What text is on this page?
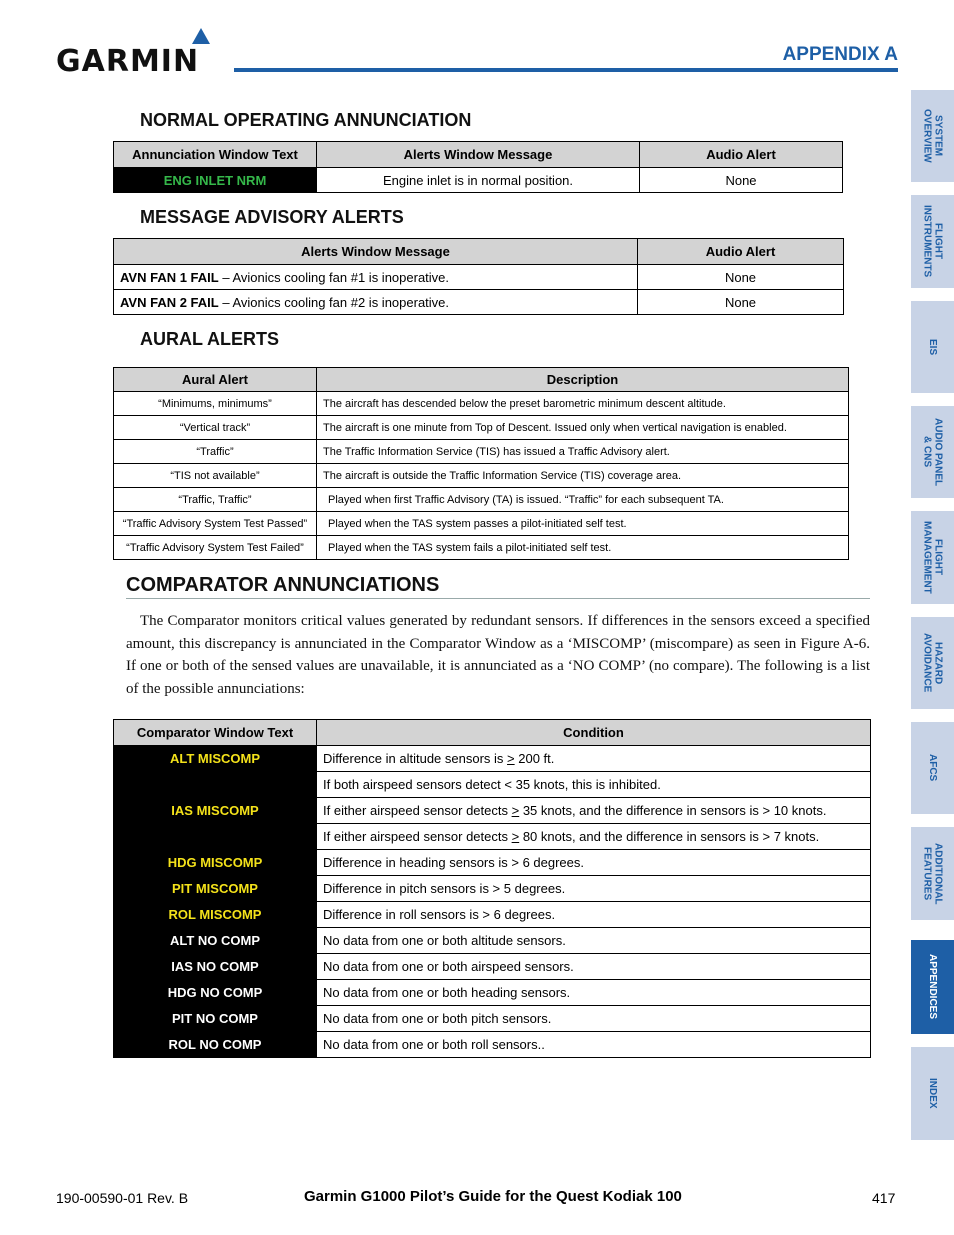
GARMIN	APPENDIX A
NORMAL OPERATING ANNUNCIATION
Annunciation Window Text	Alerts Window Message	Audio Alert
ENG INLET NRM	Engine inlet is in normal position.	None
MESSAGE ADVISORY ALERTS
Alerts Window Message	Audio Alert
AVN FAN 1 FAIL – Avionics cooling fan #1 is inoperative.	None
AVN FAN 2 FAIL – Avionics cooling fan #2 is inoperative.	None
AURAL ALERTS
Aural Alert	Description
“Minimums, minimums”	The aircraft has descended below the preset barometric minimum descent altitude.
“Vertical track”	The aircraft is one minute from Top of Descent. Issued only when vertical navigation is enabled.
“Traffic”	The Traffic Information Service (TIS) has issued a Traffic Advisory alert.
“TIS not available”	The aircraft is outside the Traffic Information Service (TIS) coverage area.
“Traffic, Traffic”	Played when first Traffic Advisory (TA) is issued. “Traffic” for each subsequent TA.
“Traffic Advisory System Test Passed”	Played when the TAS system passes a pilot-initiated self test.
“Traffic Advisory System Test Failed”	Played when the TAS system fails a pilot-initiated self test.
COMPARATOR ANNUNCIATIONS
The Comparator monitors critical values generated by redundant sensors. If differences in the sensors exceed a specified amount, this discrepancy is annunciated in the Comparator Window as a ‘MISCOMP’ (miscompare) as seen in Figure A-6. If one or both of the sensed values are unavailable, it is annunciated as a ‘NO COMP’ (no compare). The following is a list of the possible annunciations:
Comparator Window Text	Condition
ALT MISCOMP	Difference in altitude sensors is > 200 ft.
IAS MISCOMP	If both airspeed sensors detect < 35 knots, this is inhibited.
	If either airspeed sensor detects > 35 knots, and the difference in sensors is > 10 knots.
	If either airspeed sensor detects > 80 knots, and the difference in sensors is > 7 knots.
HDG MISCOMP	Difference in heading sensors is > 6 degrees.
PIT MISCOMP	Difference in pitch sensors is > 5 degrees.
ROL MISCOMP	Difference in roll sensors is > 6 degrees.
ALT NO COMP	No data from one or both altitude sensors.
IAS NO COMP	No data from one or both airspeed sensors.
HDG NO COMP	No data from one or both heading sensors.
PIT NO COMP	No data from one or both pitch sensors.
ROL NO COMP	No data from one or both roll sensors..
SYSTEM
OVERVIEW
FLIGHT
INSTRUMENTS
EIS
AUDIO PANEL
& CNS
FLIGHT
MANAGEMENT
HAZARD
AVOIDANCE
AFCS
ADDITIONAL
FEATURES
APPENDICES
INDEX
190-00590-01 Rev. B	Garmin G1000 Pilot’s Guide for the Quest Kodiak 100	417
